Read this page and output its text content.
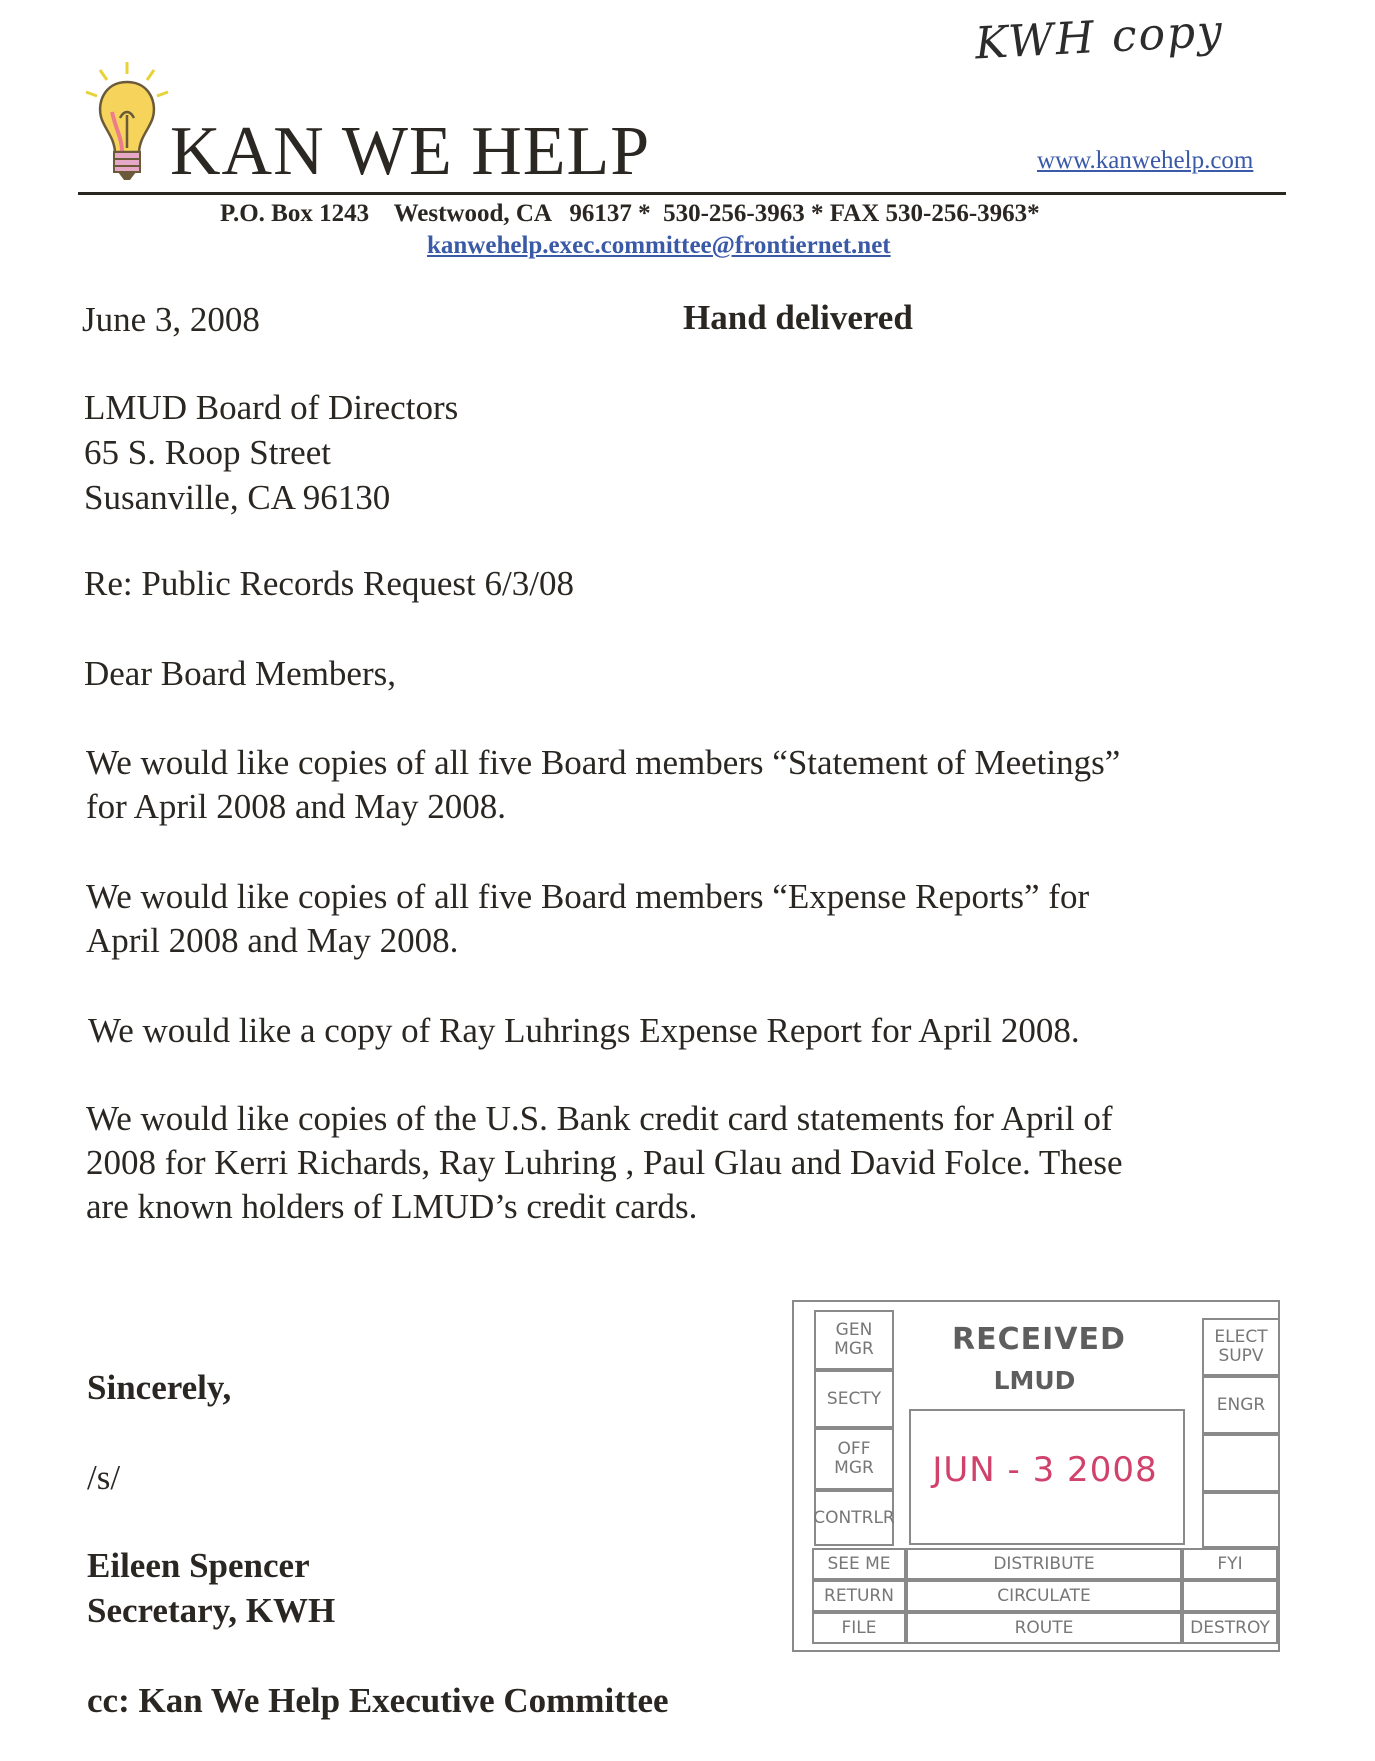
KWH copy
KAN WE HELP	www.kanwehelp.com
P.O. Box 1243    Westwood, CA   96137 *  530-256-3963 * FAX 530-256-3963*
kanwehelp.exec.committee@frontiernet.net
June 3, 2008	Hand delivered
LMUD Board of Directors
65 S. Roop Street
Susanville, CA 96130
Re: Public Records Request 6/3/08
Dear Board Members,
We would like copies of all five Board members “Statement of Meetings”
for April 2008 and May 2008.
We would like copies of all five Board members “Expense Reports” for
April 2008 and May 2008.
We would like a copy of Ray Luhrings Expense Report for April 2008.
We would like copies of the U.S. Bank credit card statements for April of
2008 for Kerri Richards, Ray Luhring , Paul Glau and David Folce. These
are known holders of LMUD’s credit cards.
Sincerely,
/s/
Eileen Spencer
Secretary, KWH
cc: Kan We Help Executive Committee
GEN MGR
SECTY
OFF MGR
CONTRLR
ELECT SUPV
ENGR
RECEIVED
LMUD
JUN - 3 2008
SEE ME
RETURN
FILE
DISTRIBUTE
CIRCULATE
ROUTE
FYI
DESTROY
